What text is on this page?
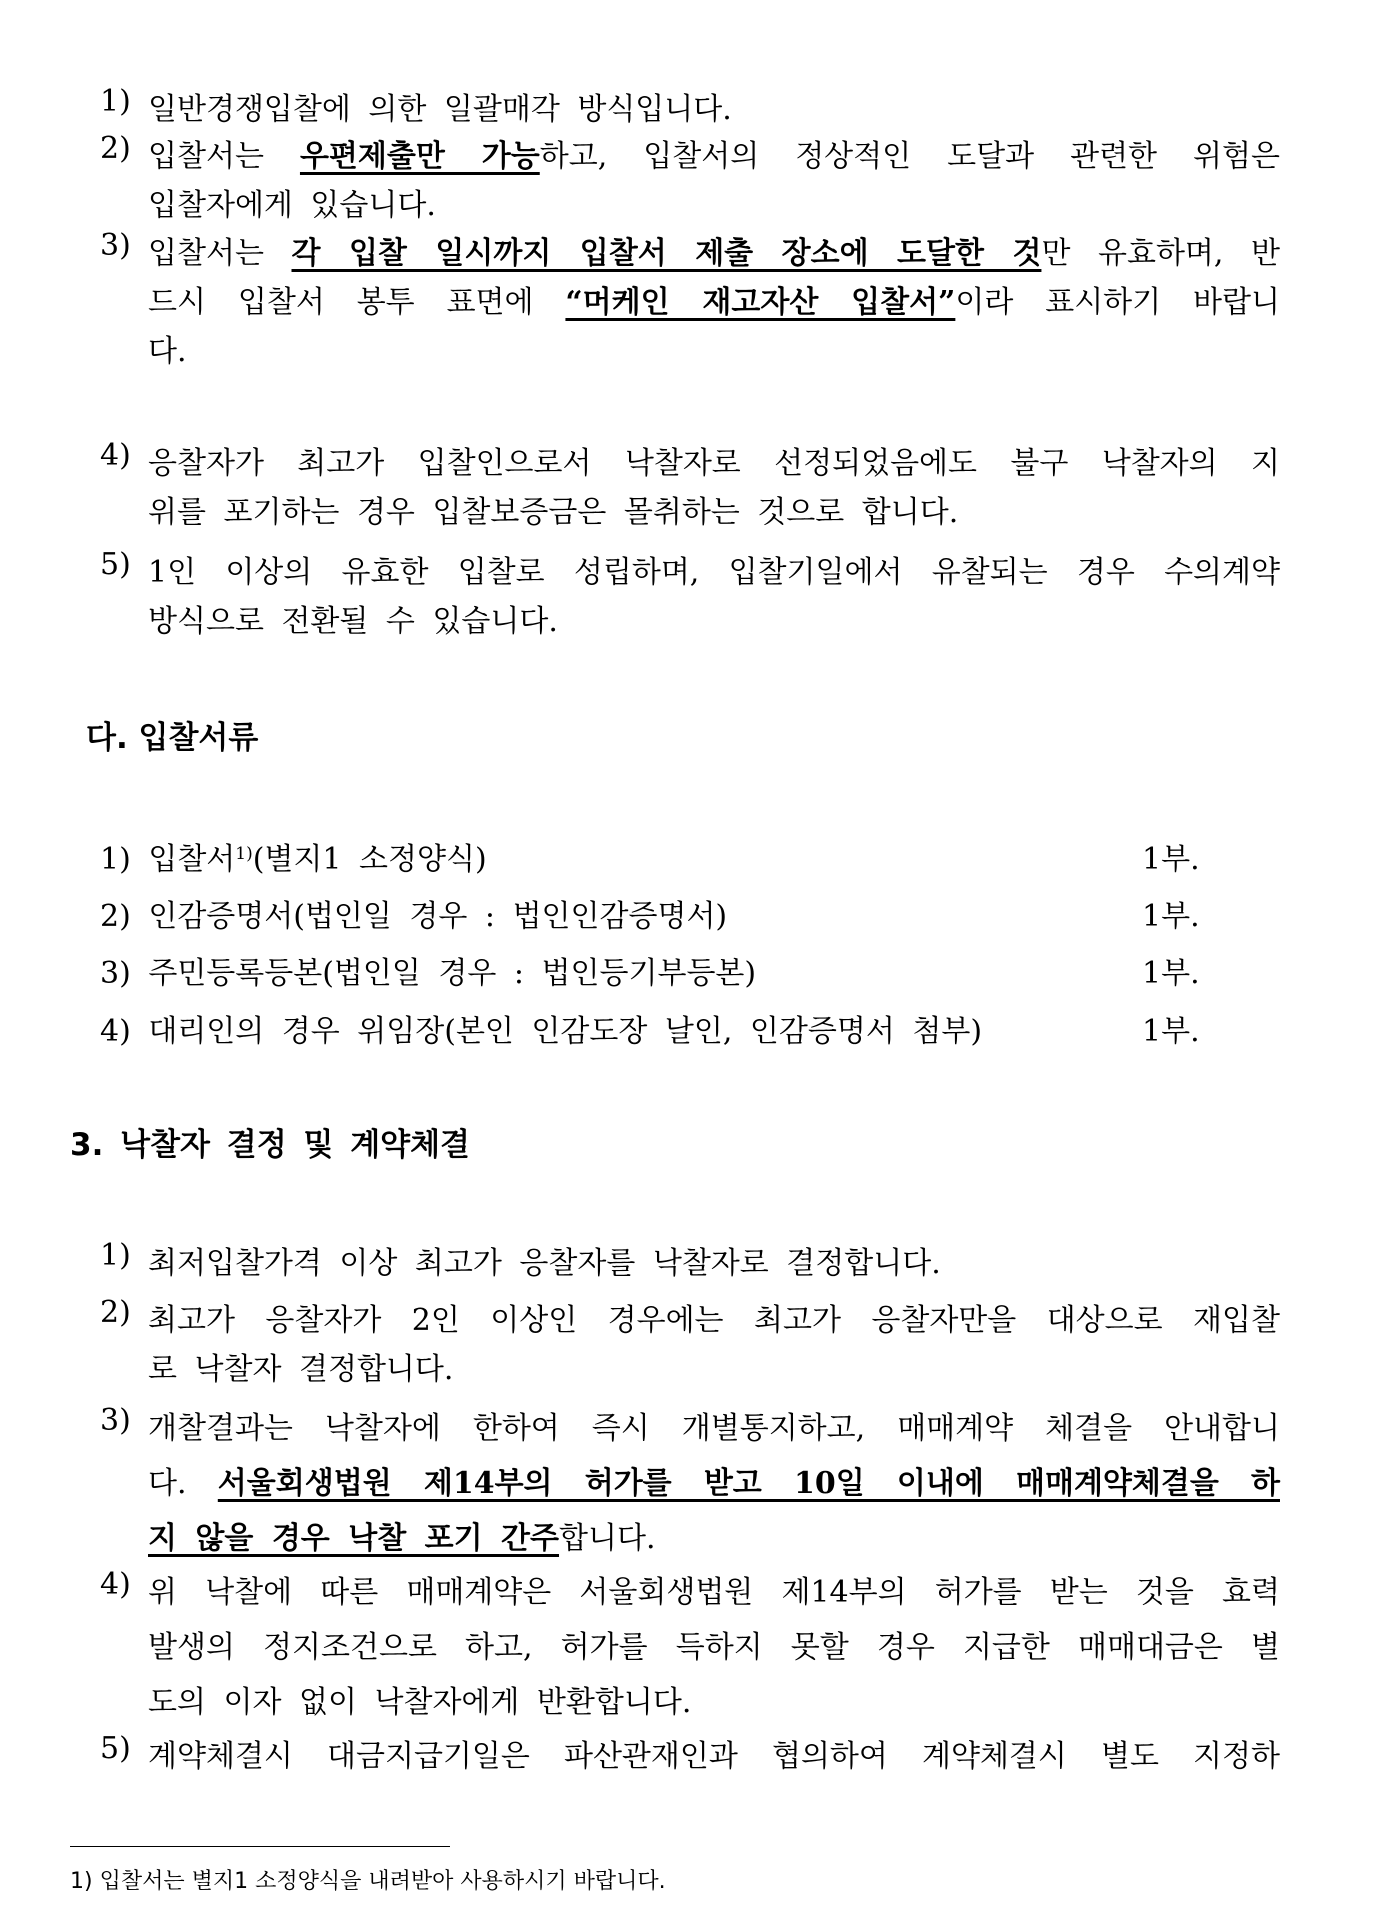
1) 일반경쟁입찰에 의한 일괄매각 방식입니다.
2) 입찰서는 우편제출만 가능하고, 입찰서의 정상적인 도달과 관련한 위험은
입찰자에게 있습니다.
3) 입찰서는 각 입찰 일시까지 입찰서 제출 장소에 도달한 것만 유효하며, 반
드시 입찰서 봉투 표면에 “머케인 재고자산 입찰서”이라 표시하기 바랍니
다.
4) 응찰자가 최고가 입찰인으로서 낙찰자로 선정되었음에도 불구 낙찰자의 지
위를 포기하는 경우 입찰보증금은 몰취하는 것으로 합니다.
5) 1인 이상의 유효한 입찰로 성립하며, 입찰기일에서 유찰되는 경우 수의계약
방식으로 전환될 수 있습니다.
다. 입찰서류
1) 입찰서$^{1)}$(별지1 소정양식)	1부.
2) 인감증명서(법인일 경우 : 법인인감증명서)	1부.
3) 주민등록등본(법인일 경우 : 법인등기부등본)	1부.
4) 대리인의 경우 위임장(본인 인감도장 날인, 인감증명서 첨부)	1부.
3. 낙찰자 결정 및 계약체결
1) 최저입찰가격 이상 최고가 응찰자를 낙찰자로 결정합니다.
2) 최고가 응찰자가 2인 이상인 경우에는 최고가 응찰자만을 대상으로 재입찰
로 낙찰자 결정합니다.
3) 개찰결과는 낙찰자에 한하여 즉시 개별통지하고, 매매계약 체결을 안내합니
다. 서울회생법원 제14부의 허가를 받고 10일 이내에 매매계약체결을 하
지 않을 경우 낙찰 포기 간주합니다.
4) 위 낙찰에 따른 매매계약은 서울회생법원 제14부의 허가를 받는 것을 효력
발생의 정지조건으로 하고, 허가를 득하지 못할 경우 지급한 매매대금은 별
도의 이자 없이 낙찰자에게 반환합니다.
5) 계약체결시 대금지급기일은 파산관재인과 협의하여 계약체결시 별도 지정하
1) 입찰서는 별지1 소정양식을 내려받아 사용하시기 바랍니다.
